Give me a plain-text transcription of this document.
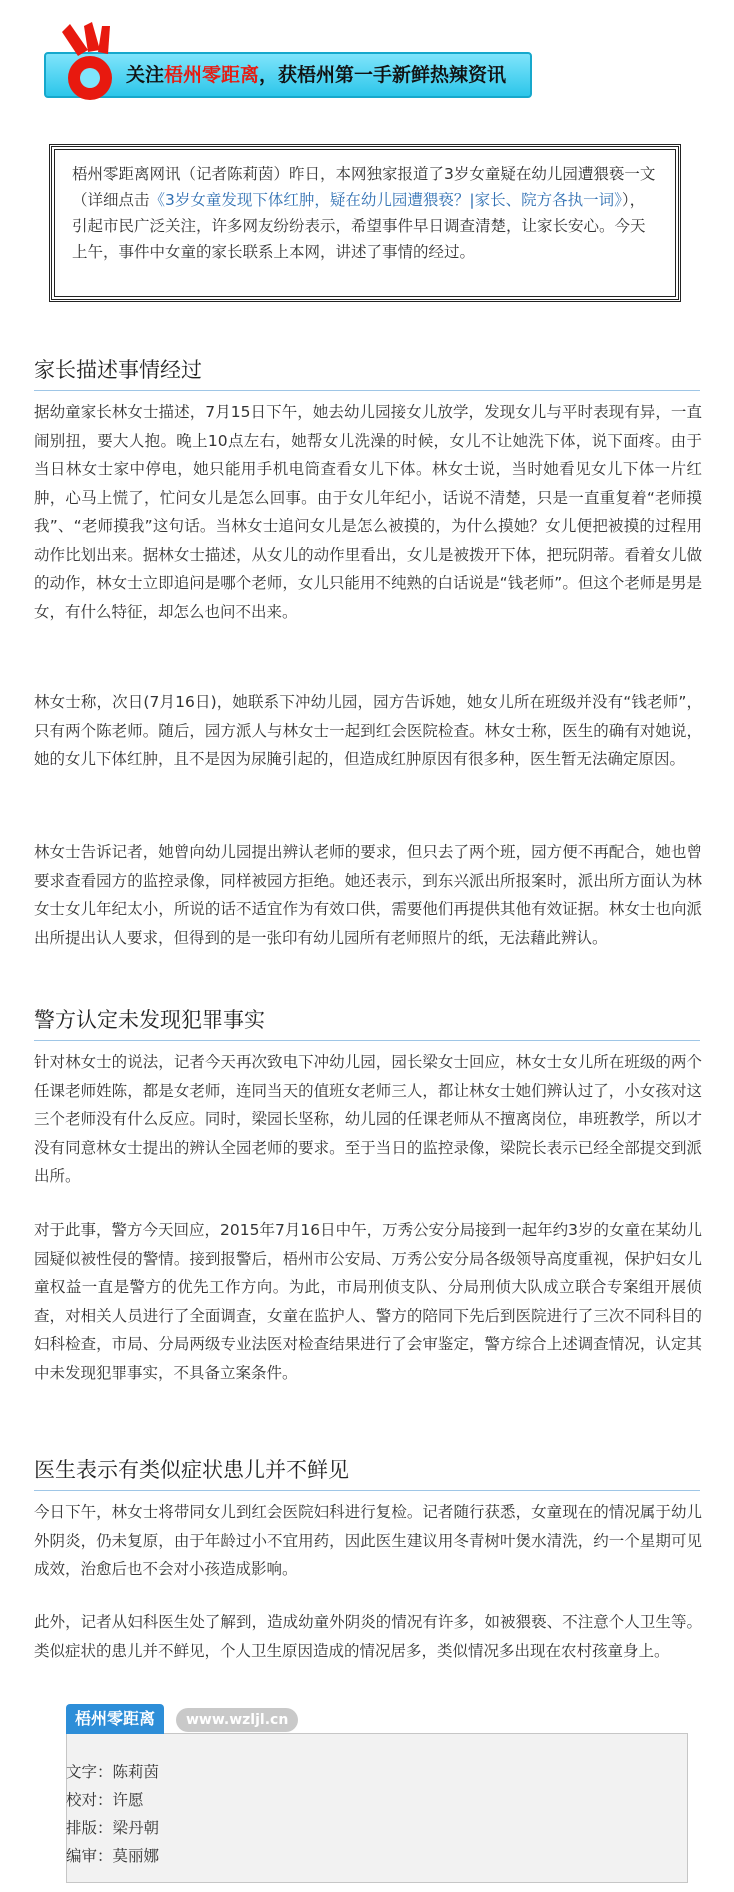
关注梧州零距离，获梧州第一手新鲜热辣资讯

梧州零距离网讯（记者陈莉茵）昨日，本网独家报道了3岁女童疑在幼儿园遭猥亵一文（详细点击《3岁女童发现下体红肿，疑在幼儿园遭猥亵？|家长、院方各执一词》），引起市民广泛关注，许多网友纷纷表示，希望事件早日调查清楚，让家长安心。今天上午，事件中女童的家长联系上本网，讲述了事情的经过。

家长描述事情经过

据幼童家长林女士描述，7月15日下午，她去幼儿园接女儿放学，发现女儿与平时表现有异，一直闹别扭，要大人抱。晚上10点左右，她帮女儿洗澡的时候，女儿不让她洗下体，说下面疼。由于当日林女士家中停电，她只能用手机电筒查看女儿下体。林女士说，当时她看见女儿下体一片红肿，心马上慌了，忙问女儿是怎么回事。由于女儿年纪小，话说不清楚，只是一直重复着“老师摸我”、“老师摸我”这句话。当林女士追问女儿是怎么被摸的，为什么摸她？女儿便把被摸的过程用动作比划出来。据林女士描述，从女儿的动作里看出，女儿是被拨开下体，把玩阴蒂。看着女儿做的动作，林女士立即追问是哪个老师，女儿只能用不纯熟的白话说是“钱老师”。但这个老师是男是女，有什么特征，却怎么也问不出来。

林女士称，次日(7月16日)，她联系下冲幼儿园，园方告诉她，她女儿所在班级并没有“钱老师”，只有两个陈老师。随后，园方派人与林女士一起到红会医院检查。林女士称，医生的确有对她说，她的女儿下体红肿，且不是因为尿腌引起的，但造成红肿原因有很多种，医生暂无法确定原因。

林女士告诉记者，她曾向幼儿园提出辨认老师的要求，但只去了两个班，园方便不再配合，她也曾要求查看园方的监控录像，同样被园方拒绝。她还表示，到东兴派出所报案时，派出所方面认为林女士女儿年纪太小，所说的话不适宜作为有效口供，需要他们再提供其他有效证据。林女士也向派出所提出认人要求，但得到的是一张印有幼儿园所有老师照片的纸，无法藉此辨认。

警方认定未发现犯罪事实

针对林女士的说法，记者今天再次致电下冲幼儿园，园长梁女士回应，林女士女儿所在班级的两个任课老师姓陈，都是女老师，连同当天的值班女老师三人，都让林女士她们辨认过了，小女孩对这三个老师没有什么反应。同时，梁园长坚称，幼儿园的任课老师从不擅离岗位，串班教学，所以才没有同意林女士提出的辨认全园老师的要求。至于当日的监控录像，梁院长表示已经全部提交到派出所。

对于此事，警方今天回应，2015年7月16日中午，万秀公安分局接到一起年约3岁的女童在某幼儿园疑似被性侵的警情。接到报警后，梧州市公安局、万秀公安分局各级领导高度重视，保护妇女儿童权益一直是警方的优先工作方向。为此，市局刑侦支队、分局刑侦大队成立联合专案组开展侦查，对相关人员进行了全面调查，女童在监护人、警方的陪同下先后到医院进行了三次不同科目的妇科检查，市局、分局两级专业法医对检查结果进行了会审鉴定，警方综合上述调查情况，认定其中未发现犯罪事实，不具备立案条件。

医生表示有类似症状患儿并不鲜见

今日下午，林女士将带同女儿到红会医院妇科进行复检。记者随行获悉，女童现在的情况属于幼儿外阴炎，仍未复原，由于年龄过小不宜用药，因此医生建议用冬青树叶煲水清洗，约一个星期可见成效，治愈后也不会对小孩造成影响。

此外，记者从妇科医生处了解到，造成幼童外阴炎的情况有许多，如被猥亵、不注意个人卫生等。类似症状的患儿并不鲜见，个人卫生原因造成的情况居多，类似情况多出现在农村孩童身上。

梧州零距离	www.wzljl.cn
文字：陈莉茵
校对：许愿
排版：梁丹朝
编审：莫丽娜
